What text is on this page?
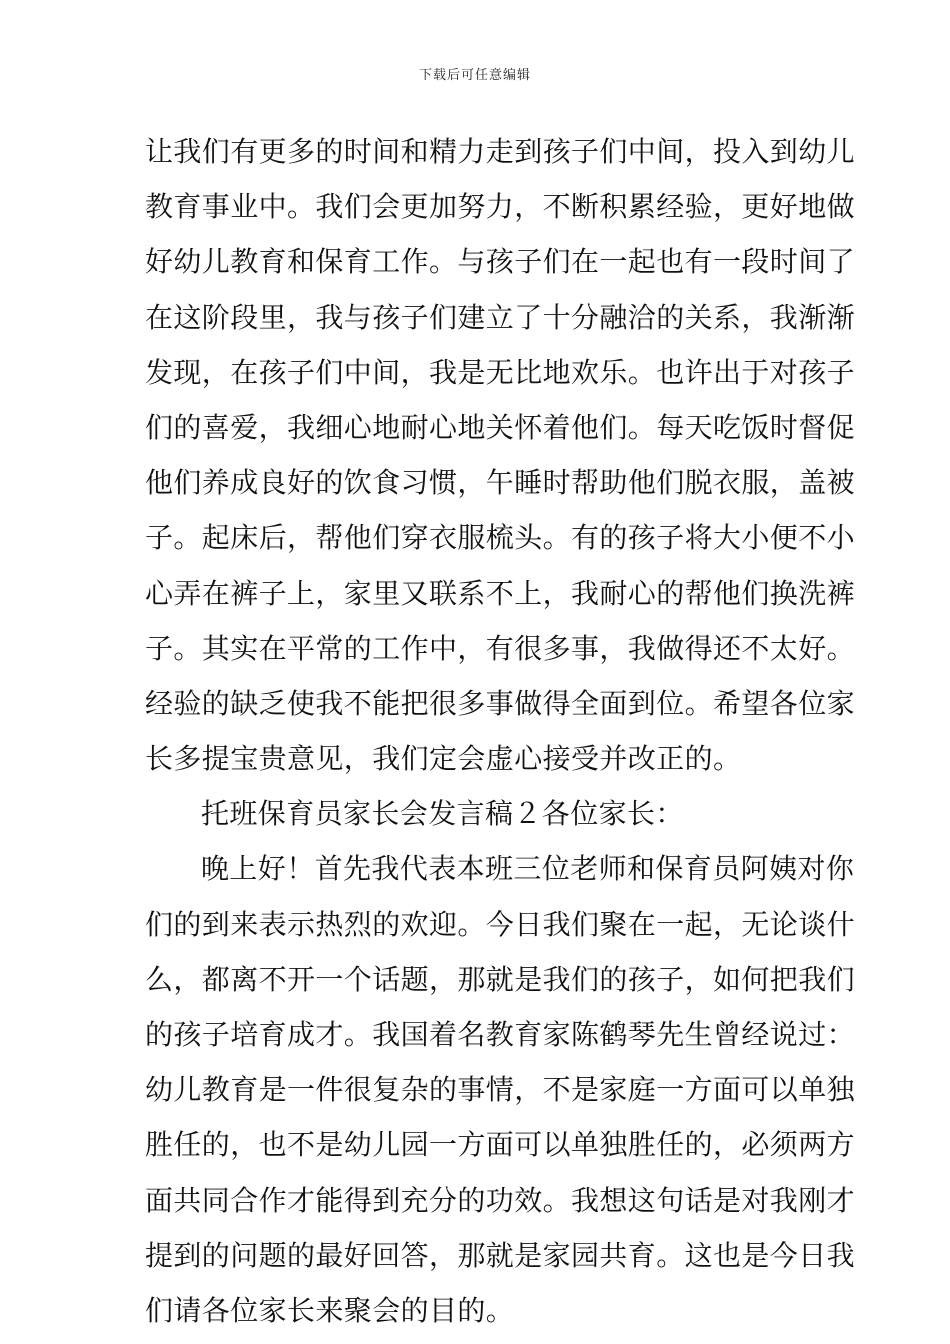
下载后可任意编辑
让我们有更多的时间和精力走到孩子们中间，投入到幼儿
教育事业中。我们会更加努力，不断积累经验，更好地做
好幼儿教育和保育工作。与孩子们在一起也有一段时间了
在这阶段里，我与孩子们建立了十分融洽的关系，我渐渐
发现，在孩子们中间，我是无比地欢乐。也许出于对孩子
们的喜爱，我细心地耐心地关怀着他们。每天吃饭时督促
他们养成良好的饮食习惯，午睡时帮助他们脱衣服，盖被
子。起床后，帮他们穿衣服梳头。有的孩子将大小便不小
心弄在裤子上，家里又联系不上，我耐心的帮他们换洗裤
子。其实在平常的工作中，有很多事，我做得还不太好。
经验的缺乏使我不能把很多事做得全面到位。希望各位家
长多提宝贵意见，我们定会虚心接受并改正的。
托班保育员家长会发言稿２各位家长：
晚上好！首先我代表本班三位老师和保育员阿姨对你
们的到来表示热烈的欢迎。今日我们聚在一起，无论谈什
么，都离不开一个话题，那就是我们的孩子，如何把我们
的孩子培育成才。我国着名教育家陈鹤琴先生曾经说过：
幼儿教育是一件很复杂的事情，不是家庭一方面可以单独
胜任的，也不是幼儿园一方面可以单独胜任的，必须两方
面共同合作才能得到充分的功效。我想这句话是对我刚才
提到的问题的最好回答，那就是家园共育。这也是今日我
们请各位家长来聚会的目的。
